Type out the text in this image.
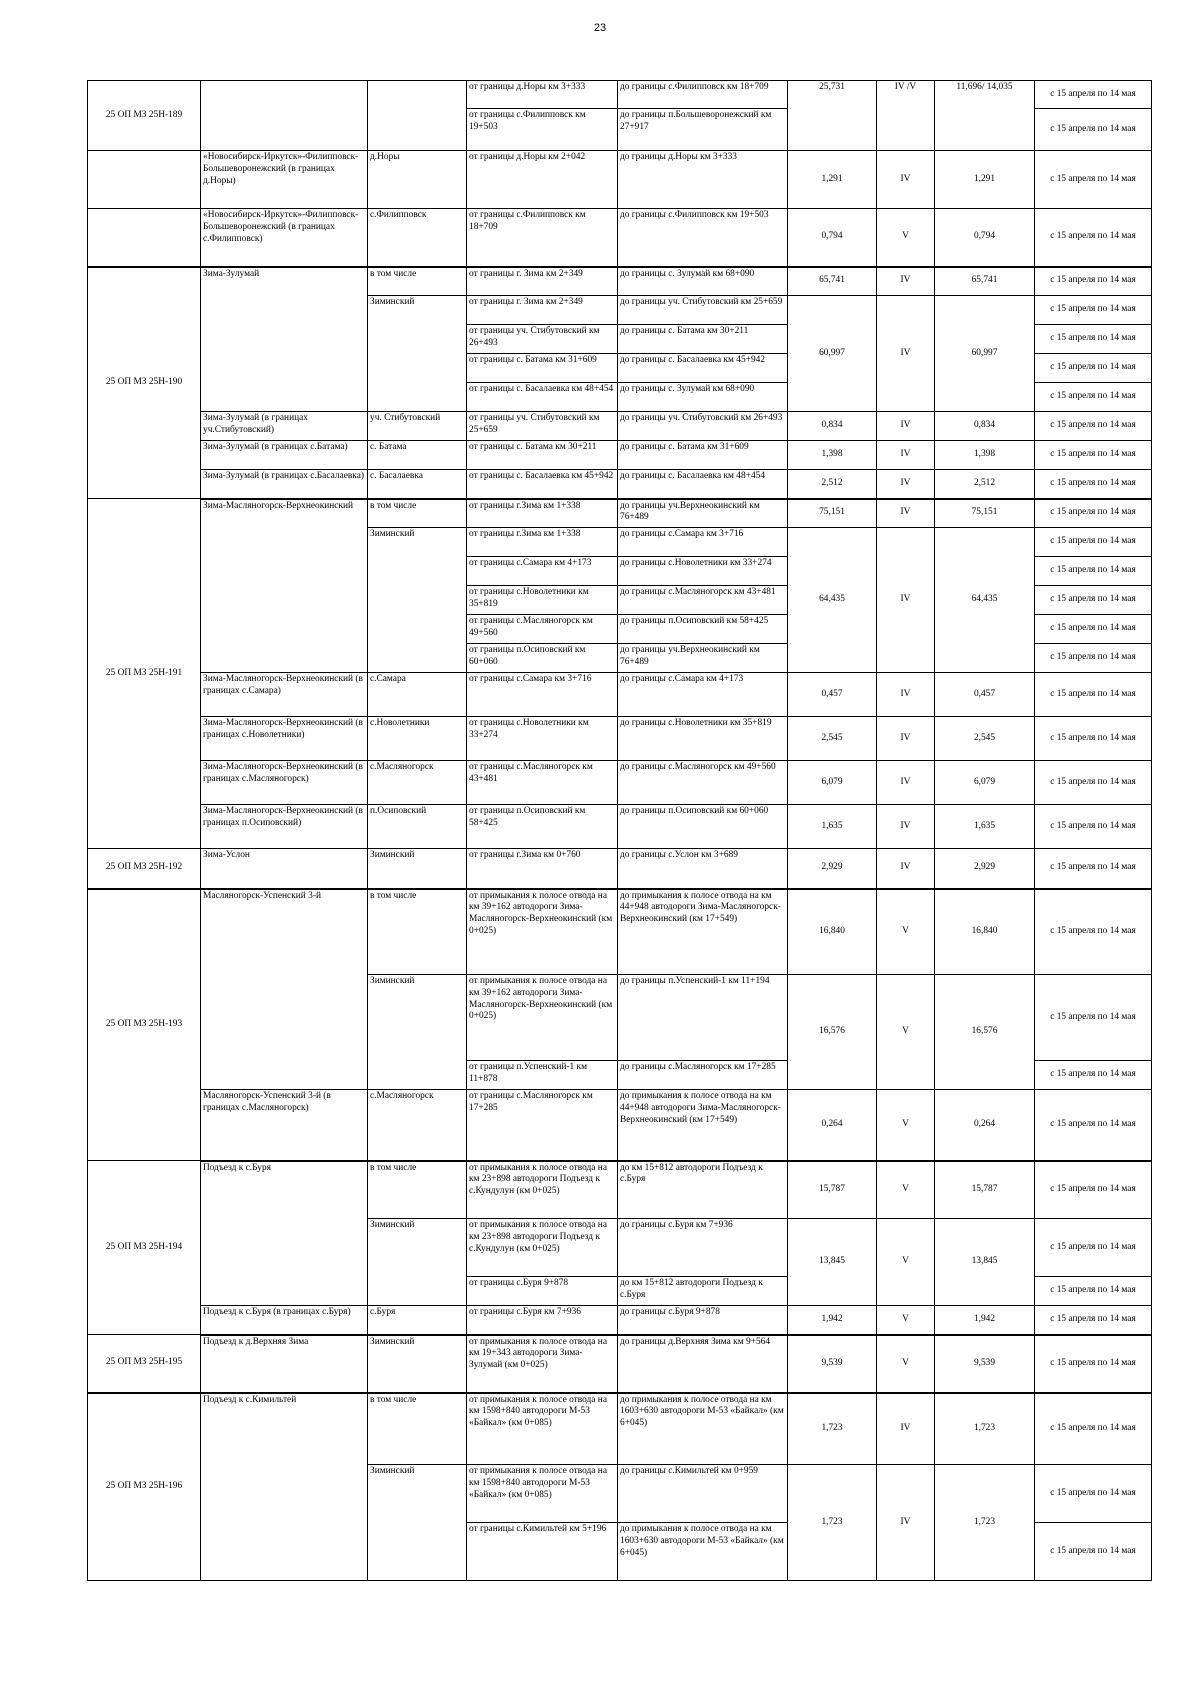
23
25 ОП МЗ 25Н-189			от границы д.Норы км 3+333	до границы с.Филипповск км 18+709	25,731	IV /V	11,696/ 14,035	с 15 апреля по 14 мая
			от границы с.Филипповск км 19+503	до границы п.Большеворонежский км 27+917				с 15 апреля по 14 мая
	«Новосибирск-Иркутск»-Филипповск-Большеворонежский (в границах д.Норы)	д.Норы	от границы д.Норы км 2+042	до границы д.Норы км 3+333	1,291	IV	1,291	с 15 апреля по 14 мая
	«Новосибирск-Иркутск»-Филипповск-Большеворонежский (в границах с.Филипповск)	с.Филипповск	от границы с.Филипповск км 18+709	до границы с.Филипповск км 19+503	0,794	V	0,794	с 15 апреля по 14 мая
25 ОП МЗ 25Н-190	Зима-Зулумай	в том числе	от границы г. Зима км 2+349	до границы с. Зулумай км 68+090	65,741	IV	65,741	с 15 апреля по 14 мая
		Зиминский	от границы г. Зима км 2+349	до границы уч. Стибутовский км 25+659	60,997	IV	60,997	с 15 апреля по 14 мая
			от границы уч. Стибутовский км 26+493	до границы с. Батама км 30+211				с 15 апреля по 14 мая
			от границы с. Батама км 31+609	до границы с. Басалаевка км 45+942				с 15 апреля по 14 мая
			от границы с. Басалаевка км 48+454	до границы с. Зулумай км 68+090				с 15 апреля по 14 мая
	Зима-Зулумай (в границах уч.Стибутовский)	уч. Стибутовский	от границы уч. Стибутовский км 25+659	до границы уч. Стибутовский км 26+493	0,834	IV	0,834	с 15 апреля по 14 мая
	Зима-Зулумай (в границах с.Батама)	с. Батама	от границы с. Батама км 30+211	до границы с. Батама км 31+609	1,398	IV	1,398	с 15 апреля по 14 мая
	Зима-Зулумай (в границах с.Басалаевка)	с. Басалаевка	от границы с. Басалаевка км 45+942	до границы с. Басалаевка км 48+454	2,512	IV	2,512	с 15 апреля по 14 мая
25 ОП МЗ 25Н-191	Зима-Масляногорск-Верхнеокинский	в том числе	от границы г.Зима км 1+338	до границы уч.Верхнеокинский км 76+489	75,151	IV	75,151	с 15 апреля по 14 мая
		Зиминский	от границы г.Зима км 1+338	до границы с.Самара км 3+716	64,435	IV	64,435	с 15 апреля по 14 мая
			от границы с.Самара км 4+173	до границы с.Новолетники км 33+274				с 15 апреля по 14 мая
			от границы с.Новолетники км 35+819	до границы с.Масляногорск км 43+481				с 15 апреля по 14 мая
			от границы с.Масляногорск км 49+560	до границы п.Осиповский км 58+425				с 15 апреля по 14 мая
			от границы п.Осиповский км 60+060	до границы уч.Верхнеокинский км 76+489				с 15 апреля по 14 мая
	Зима-Масляногорск-Верхнеокинский (в границах с.Самара)	с.Самара	от границы с.Самара км 3+716	до границы с.Самара км 4+173	0,457	IV	0,457	с 15 апреля по 14 мая
	Зима-Масляногорск-Верхнеокинский (в границах с.Новолетники)	с.Новолетники	от границы с.Новолетники км 33+274	до границы с.Новолетники км 35+819	2,545	IV	2,545	с 15 апреля по 14 мая
	Зима-Масляногорск-Верхнеокинский (в границах с.Масляногорск)	с.Масляногорск	от границы с.Масляногорск км 43+481	до границы с.Масляногорск км 49+560	6,079	IV	6,079	с 15 апреля по 14 мая
	Зима-Масляногорск-Верхнеокинский (в границах п.Осиповский)	п.Осиповский	от границы п.Осиповский км 58+425	до границы п.Осиповский км 60+060	1,635	IV	1,635	с 15 апреля по 14 мая
25 ОП МЗ 25Н-192	Зима-Услон	Зиминский	от границы г.Зима км 0+760	до границы с.Услон км 3+689	2,929	IV	2,929	с 15 апреля по 14 мая
25 ОП МЗ 25Н-193	Масляногорск-Успенский 3-й	в том числе	от примыкания к полосе отвода на км 39+162 автодороги Зима-Масляногорск-Верхнеокинский (км 0+025)	до примыкания к полосе отвода на км 44+948 автодороги Зима-Масляногорск-Верхнеокинский (км 17+549)	16,840	V	16,840	с 15 апреля по 14 мая
		Зиминский	от примыкания к полосе отвода на км 39+162 автодороги Зима-Масляногорск-Верхнеокинский (км 0+025)	до границы п.Успенский-1 км 11+194	16,576	V	16,576	с 15 апреля по 14 мая
			от границы п.Успенский-1 км 11+878	до границы с.Масляногорск км 17+285				с 15 апреля по 14 мая
	Масляногорск-Успенский 3-й (в границах с.Масляногорск)	с.Масляногорск	от границы с.Масляногорск км 17+285	до примыкания к полосе отвода на км 44+948 автодороги Зима-Масляногорск-Верхнеокинский (км 17+549)	0,264	V	0,264	с 15 апреля по 14 мая
25 ОП МЗ 25Н-194	Подъезд к с.Буря	в том числе	от примыкания к полосе отвода на км 23+898 автодороги Подъезд к с.Кундулун (км 0+025)	до км 15+812 автодороги Подъезд к с.Буря	15,787	V	15,787	с 15 апреля по 14 мая
		Зиминский	от примыкания к полосе отвода на км 23+898 автодороги Подъезд к с.Кундулун (км 0+025)	до границы с.Буря км 7+936	13,845	V	13,845	с 15 апреля по 14 мая
			от границы с.Буря 9+878	до км 15+812 автодороги Подъезд к с.Буря				с 15 апреля по 14 мая
	Подъезд к с.Буря (в границах с.Буря)	с.Буря	от границы с.Буря км 7+936	до границы с.Буря 9+878	1,942	V	1,942	с 15 апреля по 14 мая
25 ОП МЗ 25Н-195	Подъезд к д.Верхняя Зима	Зиминский	от примыкания к полосе отвода на км 19+343 автодороги Зима-Зулумай (км 0+025)	до границы д.Верхняя Зима км 9+564	9,539	V	9,539	с 15 апреля по 14 мая
25 ОП МЗ 25Н-196	Подъезд к с.Кимильтей	в том числе	от примыкания к полосе отвода на км 1598+840 автодороги М-53 «Байкал» (км 0+085)	до примыкания к полосе отвода на км 1603+630 автодороги М-53 «Байкал» (км 6+045)	1,723	IV	1,723	с 15 апреля по 14 мая
		Зиминский	от примыкания к полосе отвода на км 1598+840 автодороги М-53 «Байкал» (км 0+085)	до границы с.Кимильтей км 0+959	1,723	IV	1,723	с 15 апреля по 14 мая
			от границы с.Кимильтей км 5+196	до примыкания к полосе отвода на км 1603+630 автодороги М-53 «Байкал» (км 6+045)				с 15 апреля по 14 мая
